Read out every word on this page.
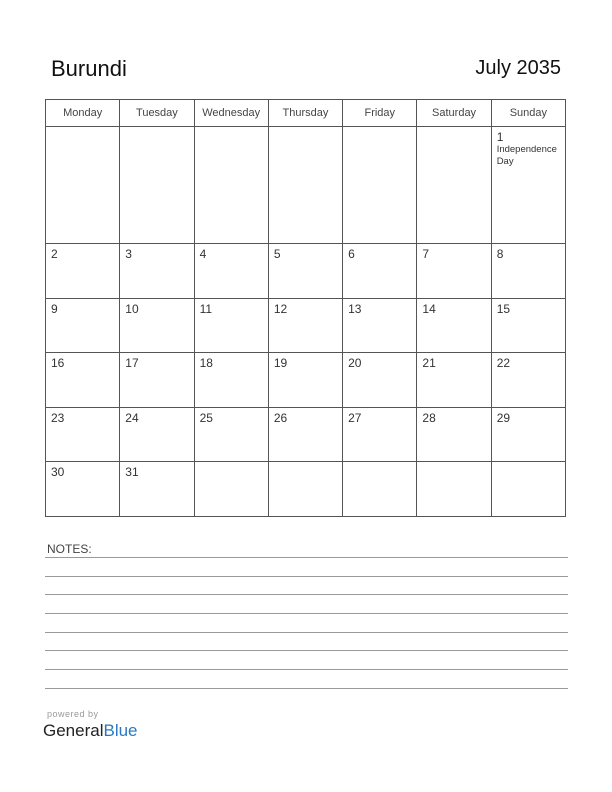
Burundi	July 2035
Monday	Tuesday	Wednesday	Thursday	Friday	Saturday	Sunday

						1
Independence Day

2	3	4	5	6	7	8

9	10	11	12	13	14	15

16	17	18	19	20	21	22

23	24	25	26	27	28	29

30	31					

NOTES:
powered by
GeneralBlue
